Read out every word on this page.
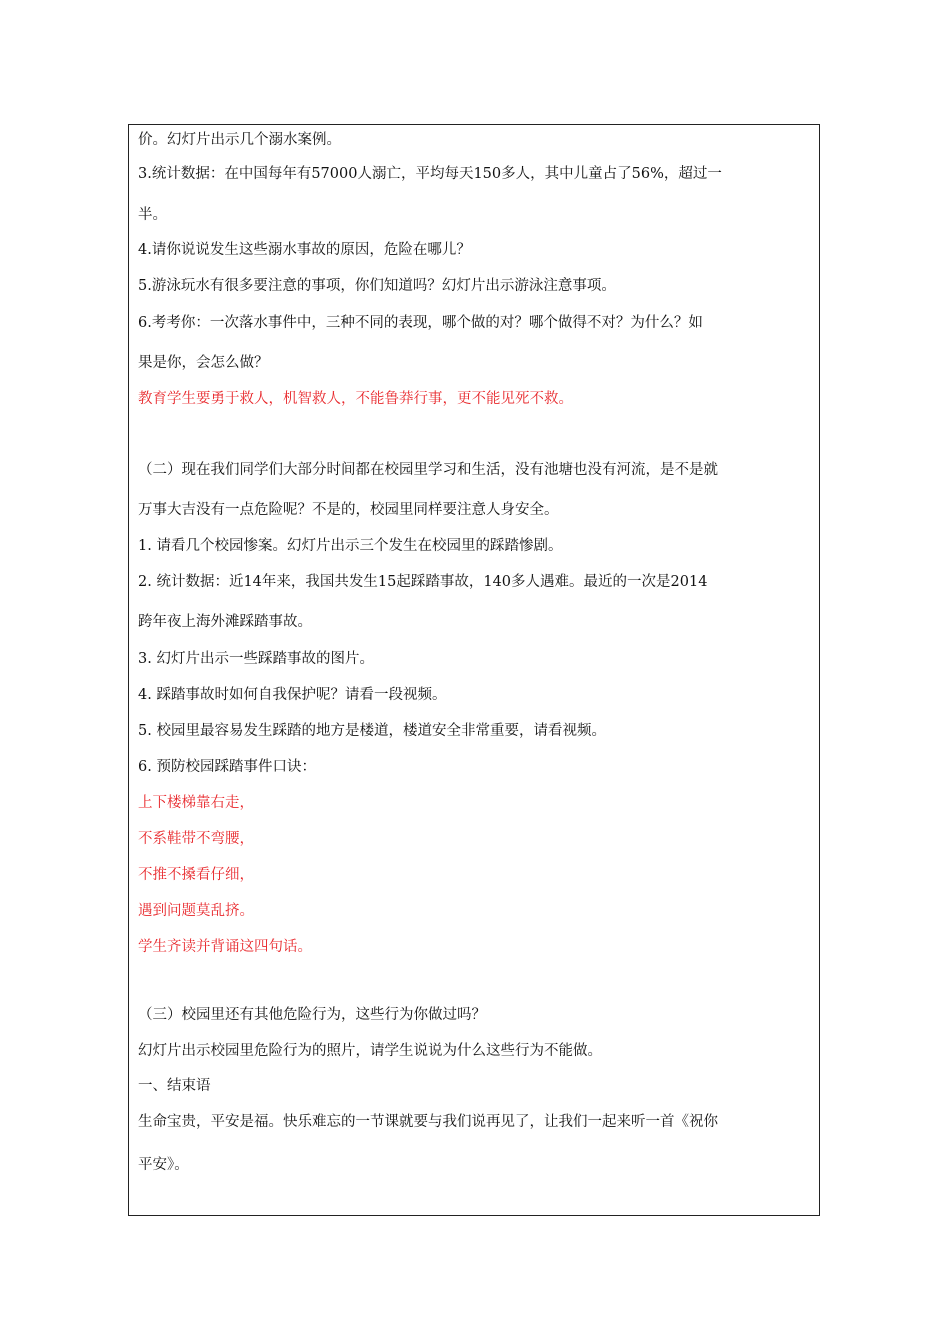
价。幻灯片出示几个溺水案例。
3.统计数据：在中国每年有57000人溺亡，平均每天150多人，其中儿童占了56%，超过一
半。
4.请你说说发生这些溺水事故的原因，危险在哪儿？
5.游泳玩水有很多要注意的事项，你们知道吗？幻灯片出示游泳注意事项。
6.考考你：一次落水事件中，三种不同的表现，哪个做的对？哪个做得不对？为什么？如
果是你，会怎么做？
教育学生要勇于救人，机智救人，不能鲁莽行事，更不能见死不救。
（二）现在我们同学们大部分时间都在校园里学习和生活，没有池塘也没有河流，是不是就
万事大吉没有一点危险呢？不是的，校园里同样要注意人身安全。
1. 请看几个校园惨案。幻灯片出示三个发生在校园里的踩踏惨剧。
2. 统计数据：近14年来，我国共发生15起踩踏事故，140多人遇难。最近的一次是2014
跨年夜上海外滩踩踏事故。
3. 幻灯片出示一些踩踏事故的图片。
4. 踩踏事故时如何自我保护呢？请看一段视频。
5. 校园里最容易发生踩踏的地方是楼道，楼道安全非常重要，请看视频。
6. 预防校园踩踏事件口诀：
上下楼梯靠右走，
不系鞋带不弯腰，
不推不搡看仔细，
遇到问题莫乱挤。
学生齐读并背诵这四句话。
（三）校园里还有其他危险行为，这些行为你做过吗？
幻灯片出示校园里危险行为的照片，请学生说说为什么这些行为不能做。
一、结束语
生命宝贵，平安是福。快乐难忘的一节课就要与我们说再见了，让我们一起来听一首《祝你
平安》。
